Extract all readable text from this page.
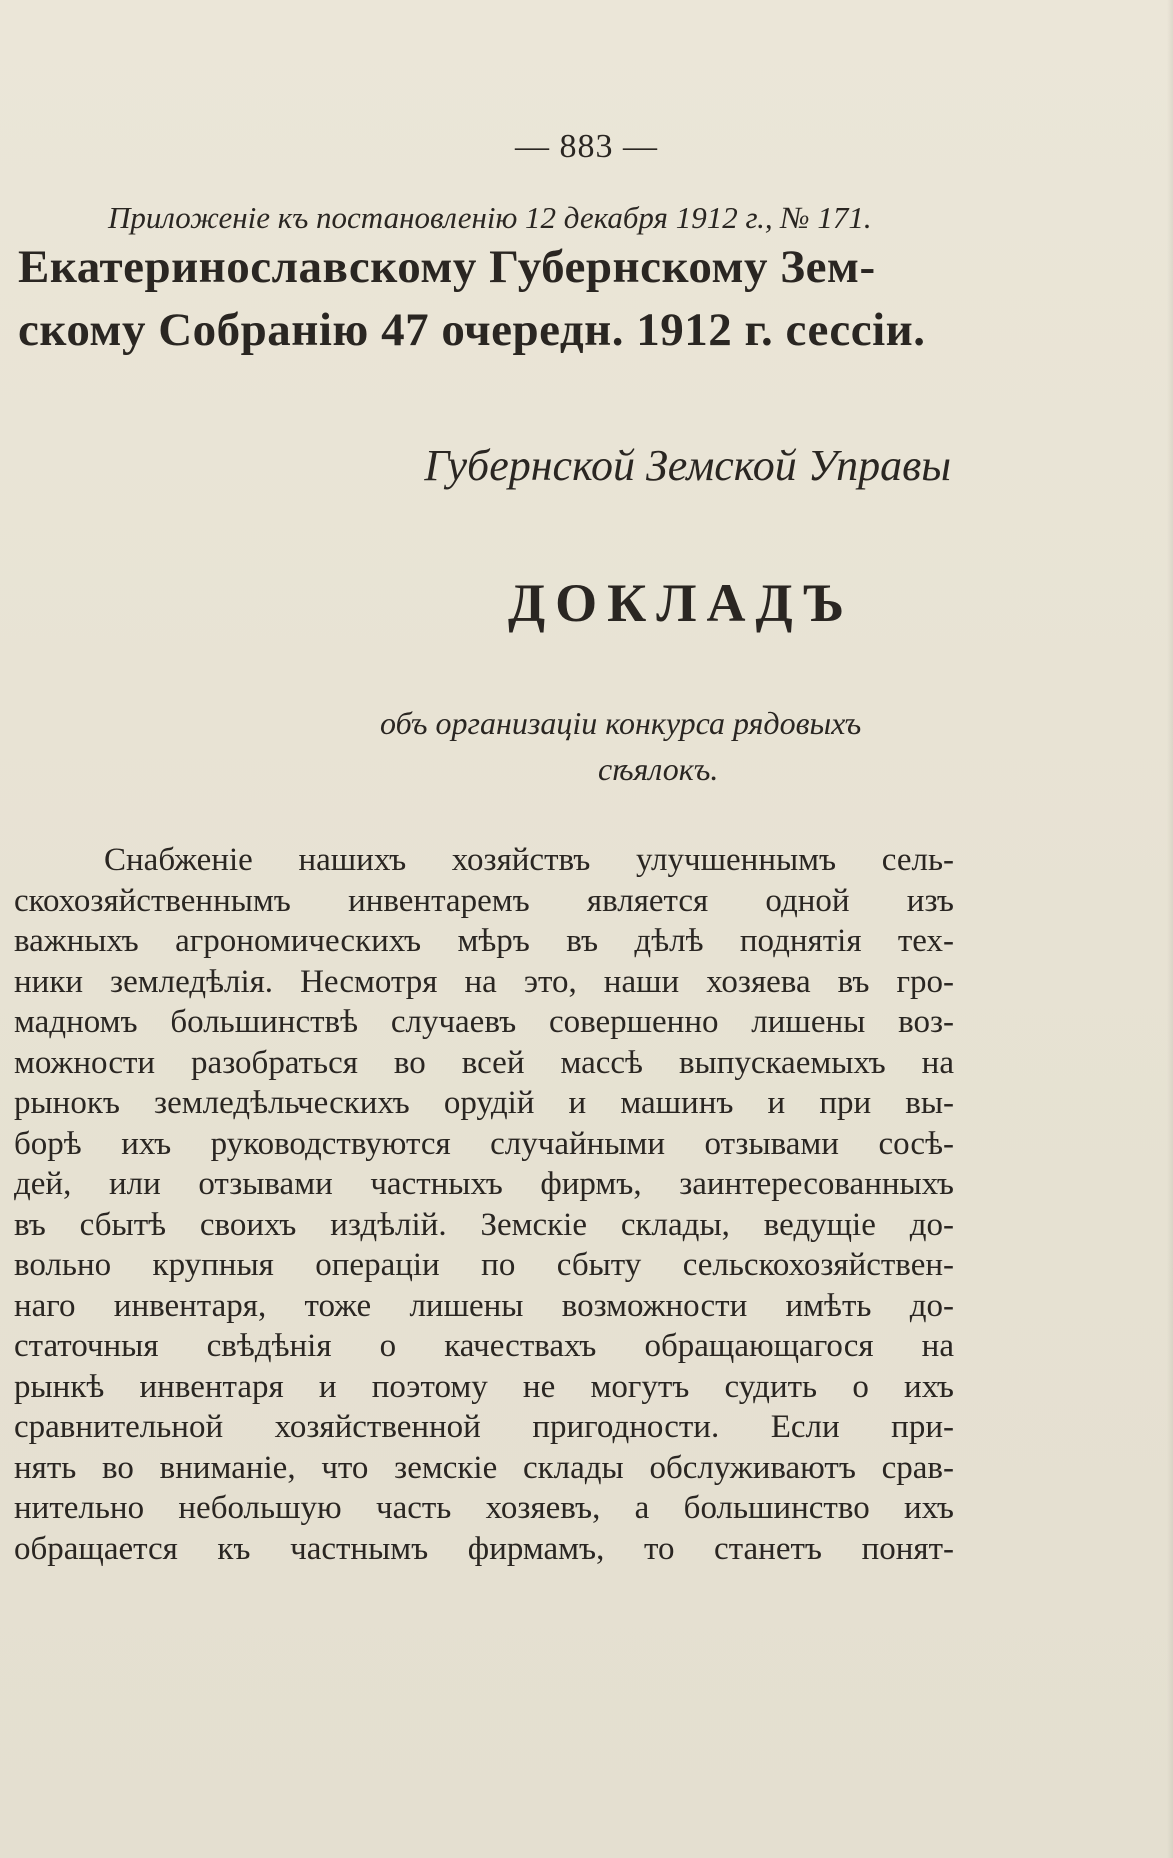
— 883 —
Приложеніе къ постановленію 12 декабря 1912 г., № 171.
Екатеринославскому Губернскому Зем-
скому Собранію 47 очередн. 1912 г. сессіи.
Губернской Земской Управы
ДОКЛАДЪ
объ организаціи конкурса рядовыхъ
сѣялокъ.
Снабженіе нашихъ хозяйствъ улучшеннымъ сель-
скохозяйственнымъ инвентаремъ является одной изъ
важныхъ агрономическихъ мѣръ въ дѣлѣ поднятія тех-
ники земледѣлія. Несмотря на это, наши хозяева въ гро-
мадномъ большинствѣ случаевъ совершенно лишены воз-
можности разобраться во всей массѣ выпускаемыхъ на
рынокъ земледѣльческихъ орудій и машинъ и при вы-
борѣ ихъ руководствуются случайными отзывами сосѣ-
дей, или отзывами частныхъ фирмъ, заинтересованныхъ
въ сбытѣ своихъ издѣлій. Земскіе склады, ведущіе до-
вольно крупныя операціи по сбыту сельскохозяйствен-
наго инвентаря, тоже лишены возможности имѣть до-
статочныя свѣдѣнія о качествахъ обращающагося на
рынкѣ инвентаря и поэтому не могутъ судить о ихъ
сравнительной хозяйственной пригодности. Если при-
нять во вниманіе, что земскіе склады обслуживаютъ срав-
нительно небольшую часть хозяевъ, а большинство ихъ
обращается къ частнымъ фирмамъ, то станетъ понят-
